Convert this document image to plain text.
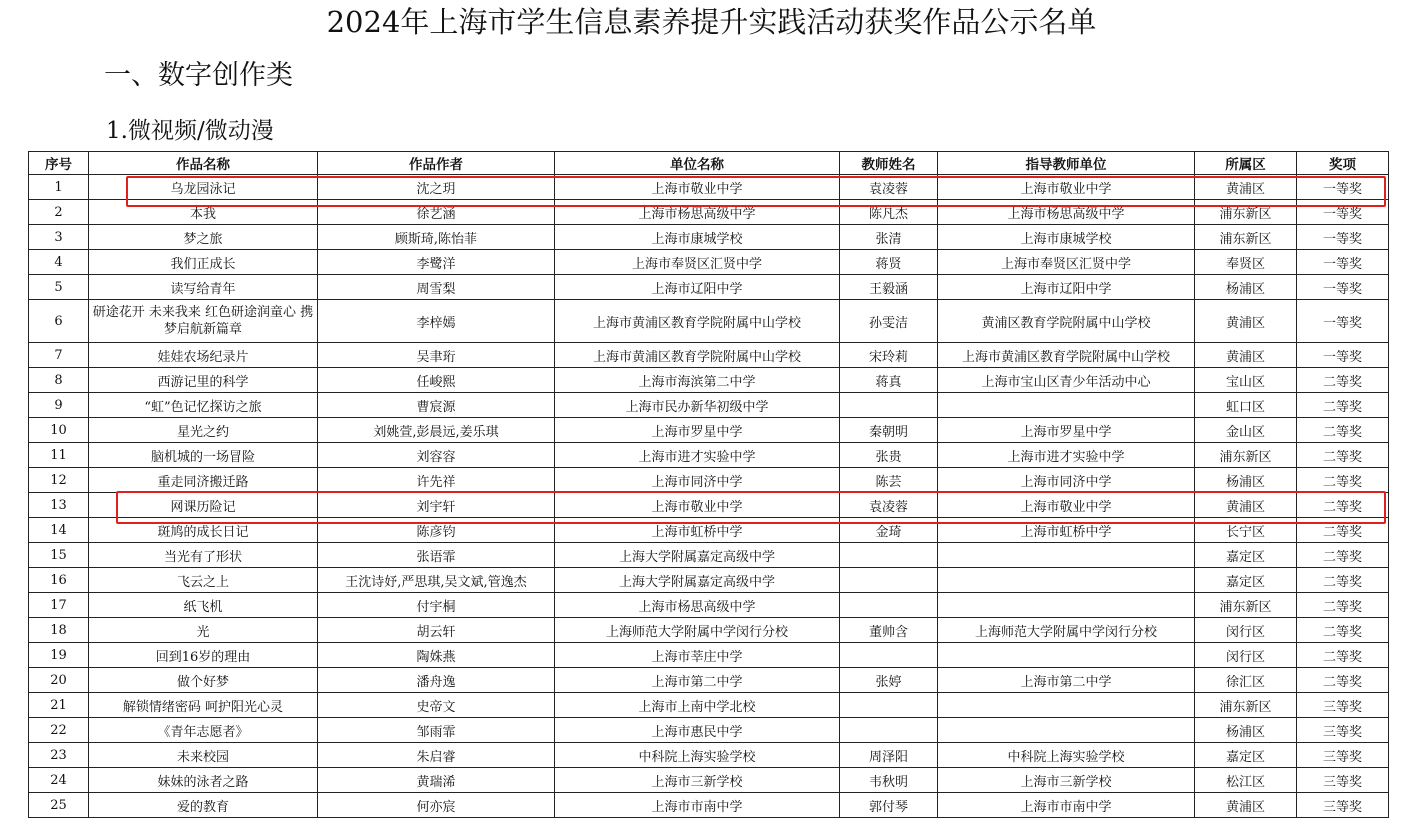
2024年上海市学生信息素养提升实践活动获奖作品公示名单
一、数字创作类
1.微视频/微动漫
序号	作品名称	作品作者	单位名称	教师姓名	指导教师单位	所属区	奖项
1	乌龙园泳记	沈之玥	上海市敬业中学	袁凌蓉	上海市敬业中学	黄浦区	一等奖
2	本我	徐艺涵	上海市杨思高级中学	陈凡杰	上海市杨思高级中学	浦东新区	一等奖
3	梦之旅	顾斯琦,陈怡菲	上海市康城学校	张清	上海市康城学校	浦东新区	一等奖
4	我们正成长	李鹭洋	上海市奉贤区汇贤中学	蒋贤	上海市奉贤区汇贤中学	奉贤区	一等奖
5	读写给青年	周雪梨	上海市辽阳中学	王毅涵	上海市辽阳中学	杨浦区	一等奖
6	研途花开 未来我来 红色研途润童心 携梦启航新篇章	李梓嫣	上海市黄浦区教育学院附属中山学校	孙雯洁	黄浦区教育学院附属中山学校	黄浦区	一等奖
7	娃娃农场纪录片	吴聿珩	上海市黄浦区教育学院附属中山学校	宋玲莉	上海市黄浦区教育学院附属中山学校	黄浦区	一等奖
8	西游记里的科学	任峻熙	上海市海滨第二中学	蒋真	上海市宝山区青少年活动中心	宝山区	二等奖
9	“虹”色记忆探访之旅	曹宸源	上海市民办新华初级中学			虹口区	二等奖
10	星光之约	刘姚萱,彭晨远,姜乐琪	上海市罗星中学	秦朝明	上海市罗星中学	金山区	二等奖
11	脑机城的一场冒险	刘容容	上海市进才实验中学	张贵	上海市进才实验中学	浦东新区	二等奖
12	重走同济搬迁路	许先祥	上海市同济中学	陈芸	上海市同济中学	杨浦区	二等奖
13	网课历险记	刘宇轩	上海市敬业中学	袁凌蓉	上海市敬业中学	黄浦区	二等奖
14	斑鸠的成长日记	陈彦钧	上海市虹桥中学	金琦	上海市虹桥中学	长宁区	二等奖
15	当光有了形状	张语霏	上海大学附属嘉定高级中学			嘉定区	二等奖
16	飞云之上	王沈诗妤,严思琪,吴文斌,管逸杰	上海大学附属嘉定高级中学			嘉定区	二等奖
17	纸飞机	付宇桐	上海市杨思高级中学			浦东新区	二等奖
18	光	胡云轩	上海师范大学附属中学闵行分校	董帅含	上海师范大学附属中学闵行分校	闵行区	二等奖
19	回到16岁的理由	陶姝燕	上海市莘庄中学			闵行区	二等奖
20	做个好梦	潘舟逸	上海市第二中学	张婷	上海市第二中学	徐汇区	二等奖
21	解锁情绪密码 呵护阳光心灵	史帝文	上海市上南中学北校			浦东新区	三等奖
22	《青年志愿者》	邹雨霏	上海市惠民中学			杨浦区	三等奖
23	未来校园	朱启睿	中科院上海实验学校	周泽阳	中科院上海实验学校	嘉定区	三等奖
24	妹妹的泳者之路	黄瑞浠	上海市三新学校	韦秋明	上海市三新学校	松江区	三等奖
25	爱的教育	何亦宸	上海市市南中学	郭付琴	上海市市南中学	黄浦区	三等奖
